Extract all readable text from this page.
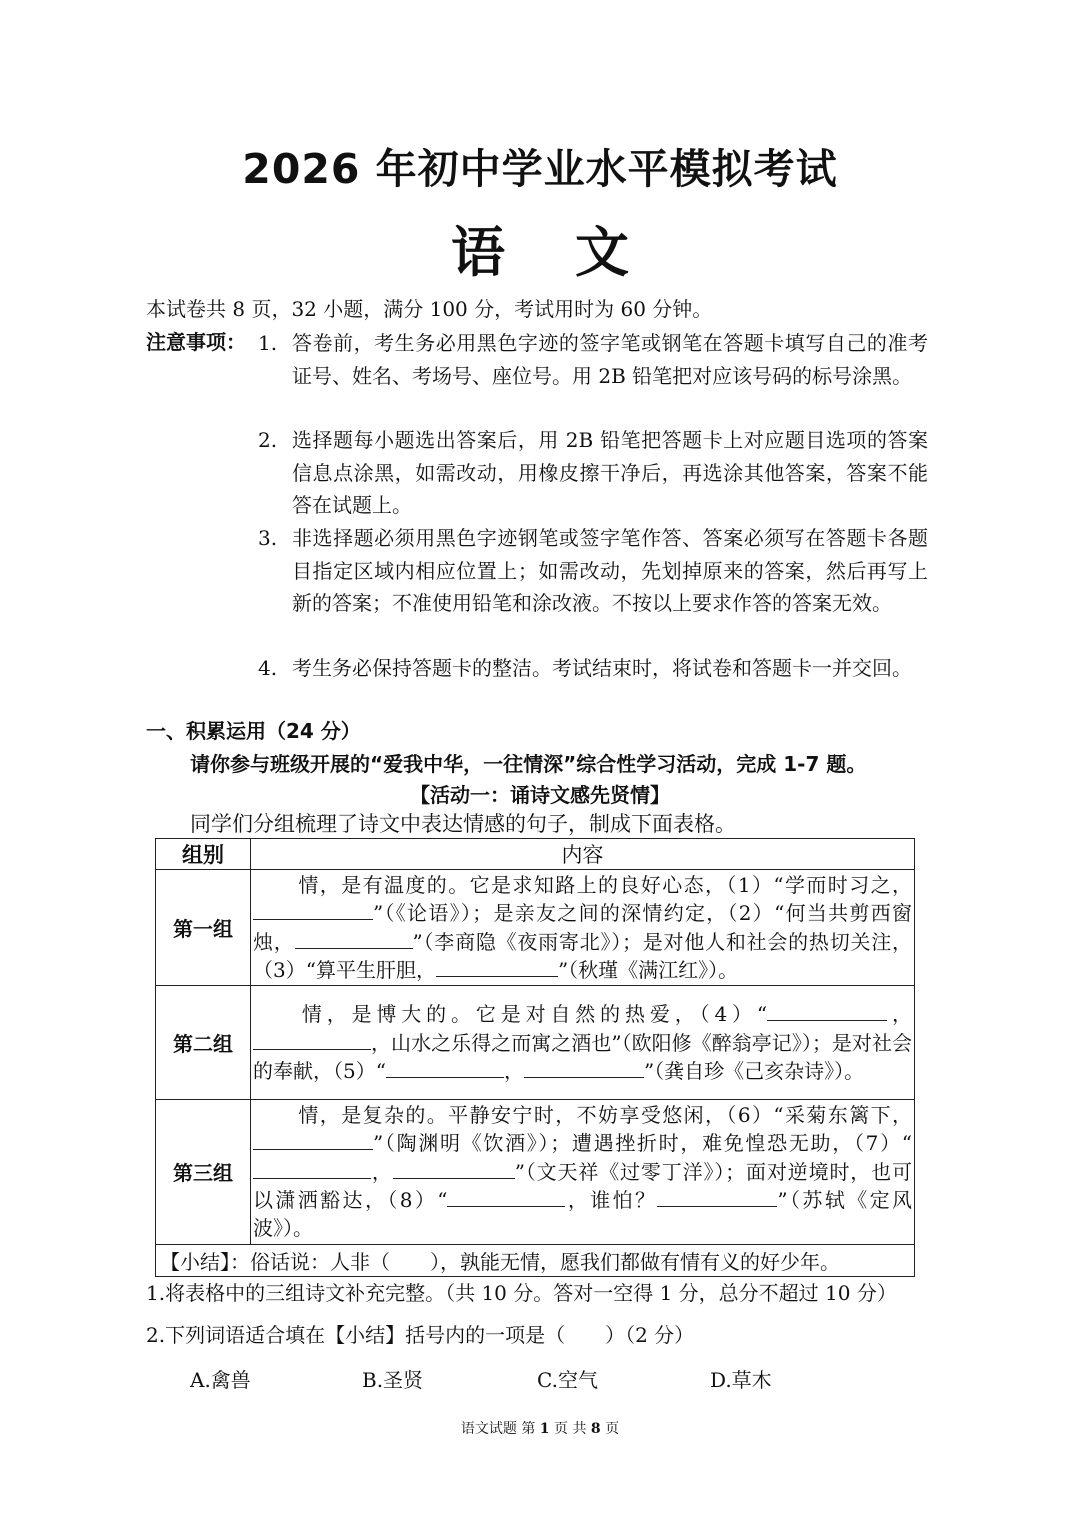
2026 年初中学业水平模拟考试
语文
本试卷共 8 页，32 小题，满分 100 分，考试用时为 60 分钟。
注意事项： 1. 答卷前，考生务必用黑色字迹的签字笔或钢笔在答题卡填写自己的准考证号、姓名、考场号、座位号。用 2B 铅笔把对应该号码的标号涂黑。
2. 选择题每小题选出答案后，用 2B 铅笔把答题卡上对应题目选项的答案信息点涂黑，如需改动，用橡皮擦干净后，再选涂其他答案，答案不能答在试题上。
3. 非选择题必须用黑色字迹钢笔或签字笔作答、答案必须写在答题卡各题目指定区域内相应位置上；如需改动，先划掉原来的答案，然后再写上新的答案；不准使用铅笔和涂改液。不按以上要求作答的答案无效。
4. 考生务必保持答题卡的整洁。考试结束时，将试卷和答题卡一并交回。
一、积累运用（24 分）
请你参与班级开展的“爱我中华，一往情深”综合性学习活动，完成 1-7 题。
【活动一：诵诗文感先贤情】
同学们分组梳理了诗文中表达情感的句子，制成下面表格。
组别	内容
第一组	情，是有温度的。它是求知路上的良好心态，（1）“学而时习之，”（《论语》）；是亲友之间的深情约定，（2）“何当共剪西窗烛， ”（李商隐《夜雨寄北》）；是对他人和社会的热切关注，（3）“算平生肝胆， ”（秋瑾《满江红》）。
第二组	情，是博大的。它是对自然的热爱，（4）“ ，，山水之乐得之而寓之酒也”（欧阳修《醉翁亭记》）；是对社会的奉献，（5）“ ， ”（龚自珍《己亥杂诗》）。
第三组	情，是复杂的。平静安宁时，不妨享受悠闲，（6）“采菊东篱下，”（陶渊明《饮酒》）；遭遇挫折时，难免惶恐无助，（7）“， ”（文天祥《过零丁洋》）；面对逆境时，也可以潇洒豁达，（8）“ ，谁怕？ ”（苏轼《定风波》）。
【小结】：俗话说：人非（　　），孰能无情，愿我们都做有情有义的好少年。	
1.将表格中的三组诗文补充完整。（共 10 分。答对一空得 1 分，总分不超过 10 分）
2.下列词语适合填在【小结】括号内的一项是（　　）（2 分）
A.禽兽	B.圣贤	C.空气	D.草木
语文试题 第 1 页 共 8 页
